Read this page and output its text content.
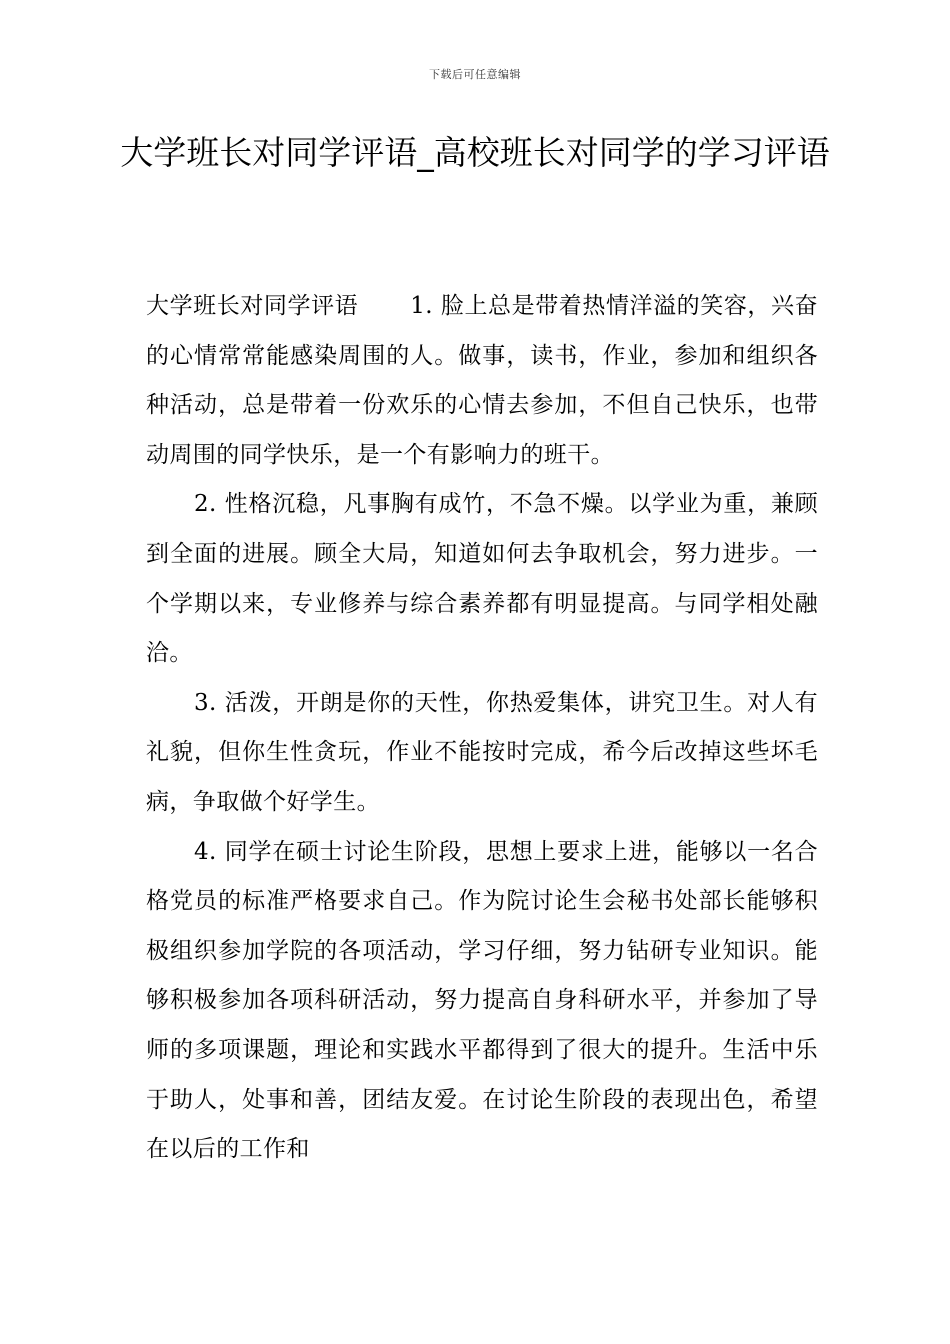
下载后可任意编辑
大学班长对同学评语_高校班长对同学的学习评语

大学班长对同学评语 1. 脸上总是带着热情洋溢的笑容，兴奋的心情常常能感染周围的人。做事，读书，作业，参加和组织各种活动，总是带着一份欢乐的心情去参加，不但自己快乐，也带动周围的同学快乐，是一个有影响力的班干。

2. 性格沉稳，凡事胸有成竹，不急不燥。以学业为重，兼顾到全面的进展。顾全大局，知道如何去争取机会，努力进步。一个学期以来，专业修养与综合素养都有明显提高。与同学相处融洽。

3. 活泼，开朗是你的天性，你热爱集体，讲究卫生。对人有礼貌，但你生性贪玩，作业不能按时完成，希今后改掉这些坏毛病，争取做个好学生。

4. 同学在硕士讨论生阶段，思想上要求上进，能够以一名合格党员的标准严格要求自己。作为院讨论生会秘书处部长能够积极组织参加学院的各项活动，学习仔细，努力钻研专业知识。能够积极参加各项科研活动，努力提高自身科研水平，并参加了导师的多项课题，理论和实践水平都得到了很大的提升。生活中乐于助人，处事和善，团结友爱。在讨论生阶段的表现出色，希望在以后的工作和
